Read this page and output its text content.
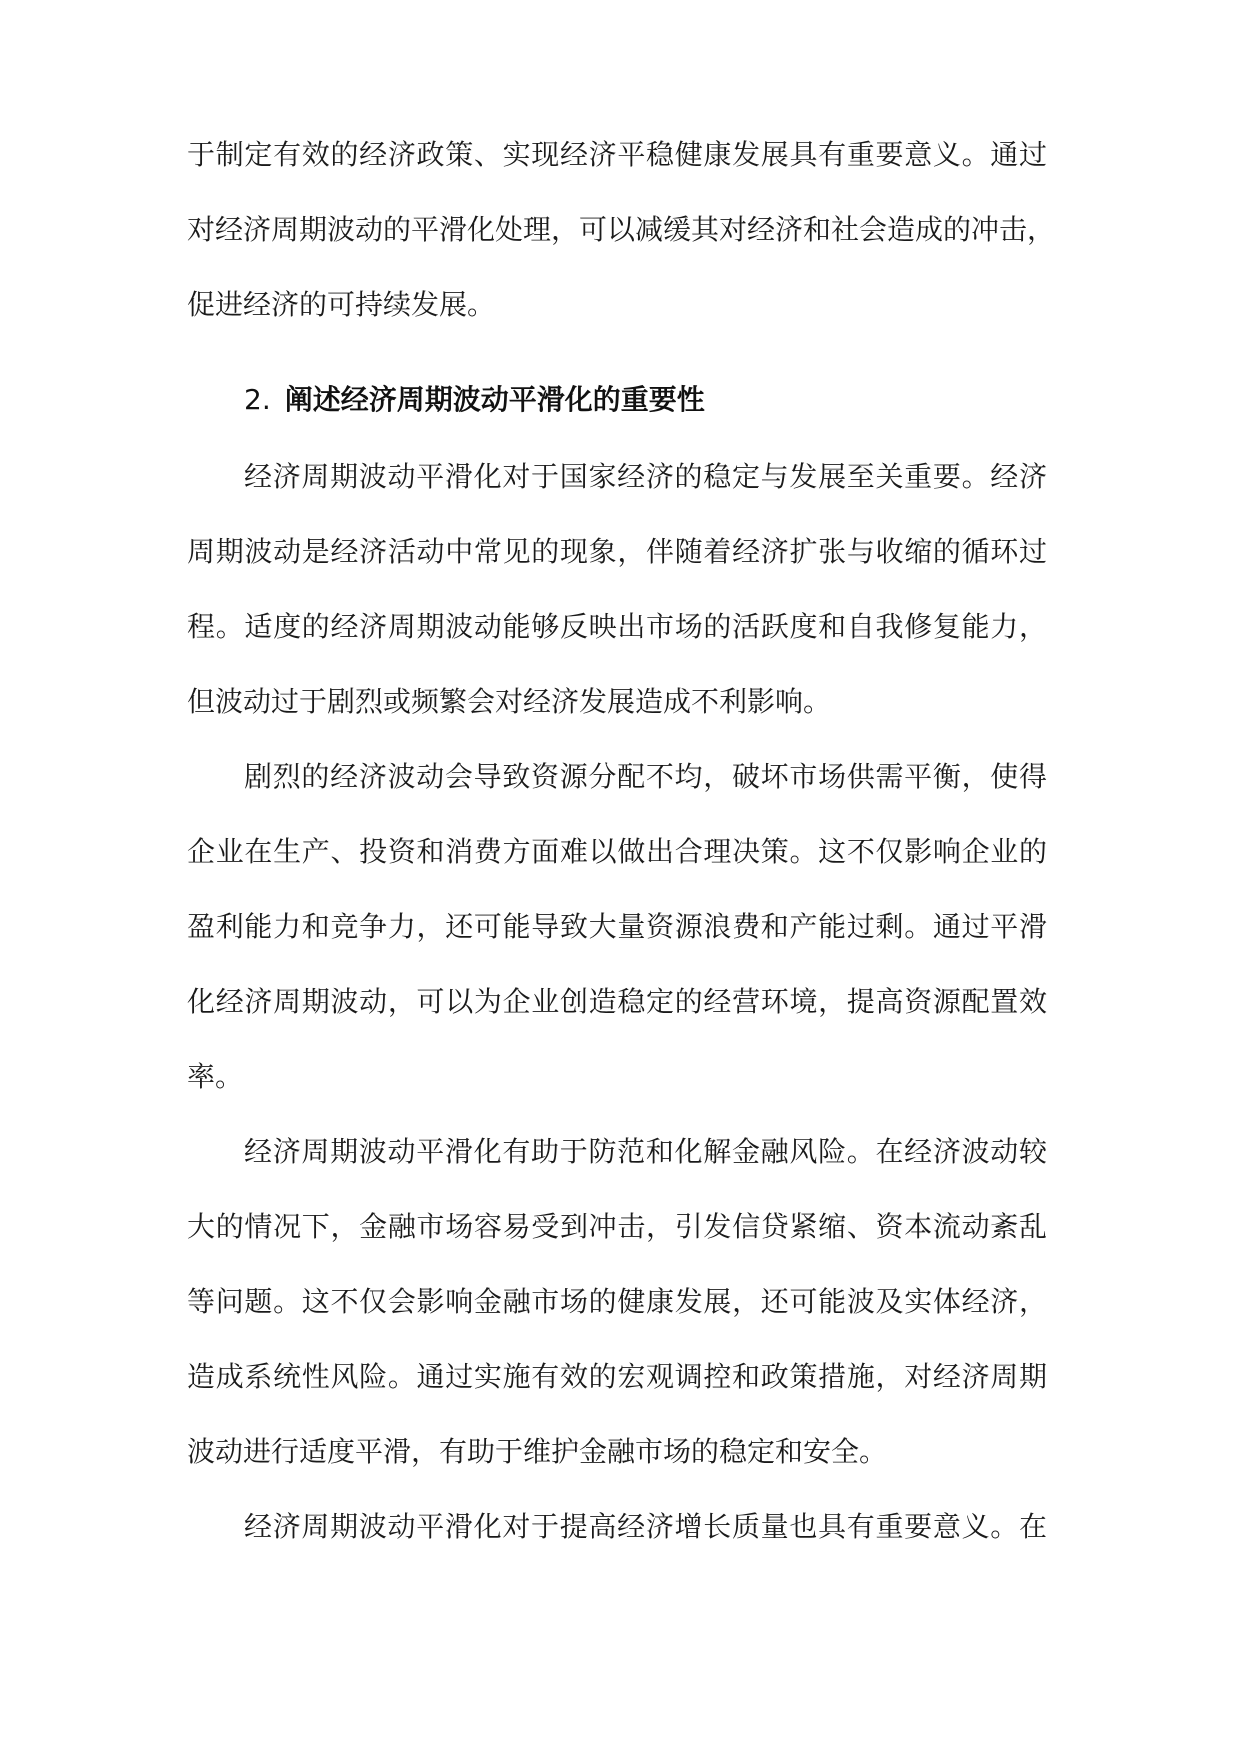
于制定有效的经济政策、实现经济平稳健康发展具有重要意义。通过
对经济周期波动的平滑化处理，可以减缓其对经济和社会造成的冲击，
促进经济的可持续发展。
2. 阐述经济周期波动平滑化的重要性
经济周期波动平滑化对于国家经济的稳定与发展至关重要。经济
周期波动是经济活动中常见的现象，伴随着经济扩张与收缩的循环过
程。适度的经济周期波动能够反映出市场的活跃度和自我修复能力，
但波动过于剧烈或频繁会对经济发展造成不利影响。
剧烈的经济波动会导致资源分配不均，破坏市场供需平衡，使得
企业在生产、投资和消费方面难以做出合理决策。这不仅影响企业的
盈利能力和竞争力，还可能导致大量资源浪费和产能过剩。通过平滑
化经济周期波动，可以为企业创造稳定的经营环境，提高资源配置效
率。
经济周期波动平滑化有助于防范和化解金融风险。在经济波动较
大的情况下，金融市场容易受到冲击，引发信贷紧缩、资本流动紊乱
等问题。这不仅会影响金融市场的健康发展，还可能波及实体经济，
造成系统性风险。通过实施有效的宏观调控和政策措施，对经济周期
波动进行适度平滑，有助于维护金融市场的稳定和安全。
经济周期波动平滑化对于提高经济增长质量也具有重要意义。在
